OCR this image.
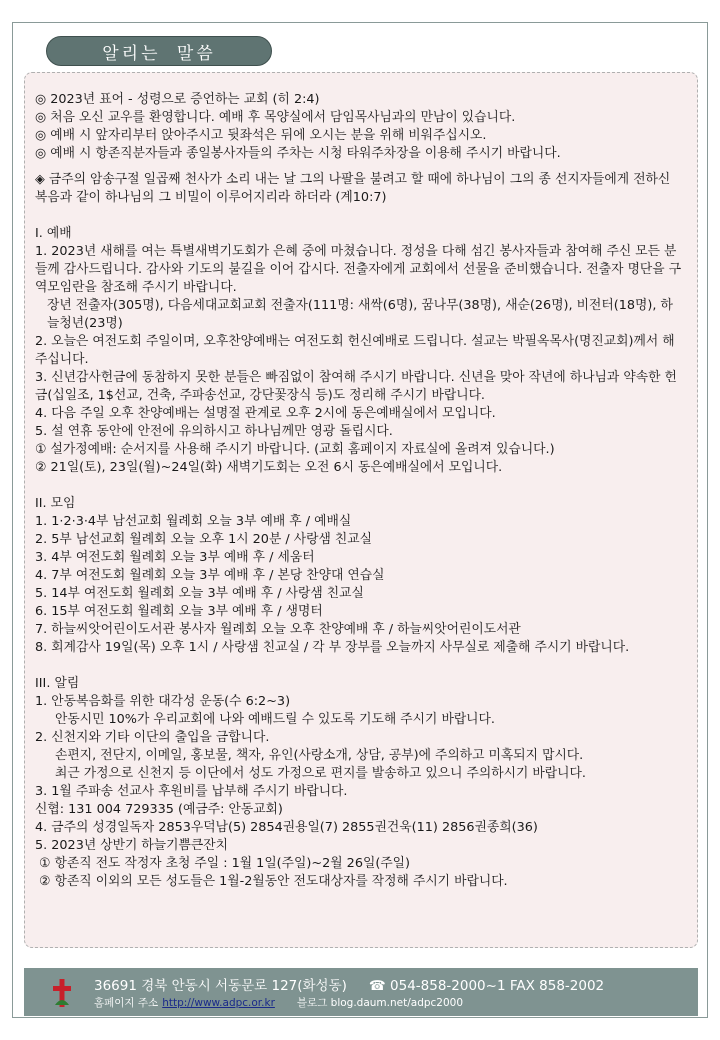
알리는 말씀

◎ 2023년 표어 - 성령으로 증언하는 교회 (히 2:4)

◎ 처음 오신 교우를 환영합니다. 예배 후 목양실에서 담임목사님과의 만남이 있습니다.

◎ 예배 시 앞자리부터 앉아주시고 뒷좌석은 뒤에 오시는 분을 위해 비워주십시오.

◎ 예배 시 항존직분자들과 종일봉사자들의 주차는 시청 타워주차장을 이용해 주시기 바랍니다.

◈ 금주의 암송구절 일곱째 천사가 소리 내는 날 그의 나팔을 불려고 할 때에 하나님이 그의 종 선지자들에게 전하신 복음과 같이 하나님의 그 비밀이 이루어지리라 하더라 (계10:7)

I. 예배

1. 2023년 새해를 여는 특별새벽기도회가 은혜 중에 마쳤습니다. 정성을 다해 섬긴 봉사자들과 참여해 주신 모든 분들께 감사드립니다. 감사와 기도의 불길을 이어 갑시다. 전출자에게 교회에서 선물을 준비했습니다. 전출자 명단을 구역모임란을 참조해 주시기 바랍니다.

장년 전출자(305명), 다음세대교회교회 전출자(111명: 새싹(6명), 꿈나무(38명), 새순(26명), 비전터(18명), 하늘청년(23명)

2. 오늘은 여전도회 주일이며, 오후찬양예배는 여전도회 헌신예배로 드립니다. 설교는 박필옥목사(명진교회)께서 해주십니다.

3. 신년감사헌금에 동참하지 못한 분들은 빠짐없이 참여해 주시기 바랍니다. 신년을 맞아 작년에 하나님과 약속한 헌금(십일조, 1$선교, 건축, 주파송선교, 강단꽃장식 등)도 정리해 주시기 바랍니다.

4. 다음 주일 오후 찬양예배는 설명절 관계로 오후 2시에 동은예배실에서 모입니다.

5. 설 연휴 동안에 안전에 유의하시고 하나님께만 영광 돌립시다.

① 설가정예배: 순서지를 사용해 주시기 바랍니다. (교회 홈페이지 자료실에 올려져 있습니다.)

② 21일(토), 23일(월)~24일(화) 새벽기도회는 오전 6시 동은예배실에서 모입니다.

II. 모임

1. 1·2·3·4부 남선교회 월례회 오늘 3부 예배 후 / 예배실

2. 5부 남선교회 월례회 오늘 오후 1시 20분 / 사랑샘 친교실

3. 4부 여전도회 월례회 오늘 3부 예배 후 / 세움터

4. 7부 여전도회 월례회 오늘 3부 예배 후 / 본당 찬양대 연습실

5. 14부 여전도회 월례회 오늘 3부 예배 후 / 사랑샘 친교실

6. 15부 여전도회 월례회 오늘 3부 예배 후 / 생명터

7. 하늘씨앗어린이도서관 봉사자 월례회 오늘 오후 찬양예배 후 / 하늘씨앗어린이도서관

8. 회계감사 19일(목) 오후 1시 / 사랑샘 친교실 / 각 부 장부를 오늘까지 사무실로 제출해 주시기 바랍니다.

III. 알림

1. 안동복음화를 위한 대각성 운동(수 6:2~3)

안동시민 10%가 우리교회에 나와 예배드릴 수 있도록 기도해 주시기 바랍니다.

2. 신천지와 기타 이단의 출입을 금합니다.

손편지, 전단지, 이메일, 홍보물, 책자, 유인(사랑소개, 상담, 공부)에 주의하고 미혹되지 맙시다.

최근 가정으로 신천지 등 이단에서 성도 가정으로 편지를 발송하고 있으니 주의하시기 바랍니다.

3. 1월 주파송 선교사 후원비를 납부해 주시기 바랍니다.

신협: 131 004 729335 (예금주: 안동교회)

4. 금주의 성경일독자 2853우덕남(5) 2854권용일(7) 2855권건욱(11) 2856권종희(36)

5. 2023년 상반기 하늘기쁨큰잔치

① 항존직 전도 작정자 초청 주일 : 1월 1일(주일)~2월 26일(주일)

② 항존직 이외의 모든 성도들은 1월-2월동안 전도대상자를 작정해 주시기 바랍니다.

36691 경북 안동시 서동문로 127(화성동) ☎ 054-858-2000~1 FAX 858-2002
홈페이지 주소 http://www.adpc.or.kr 블로그 blog.daum.net/adpc2000
